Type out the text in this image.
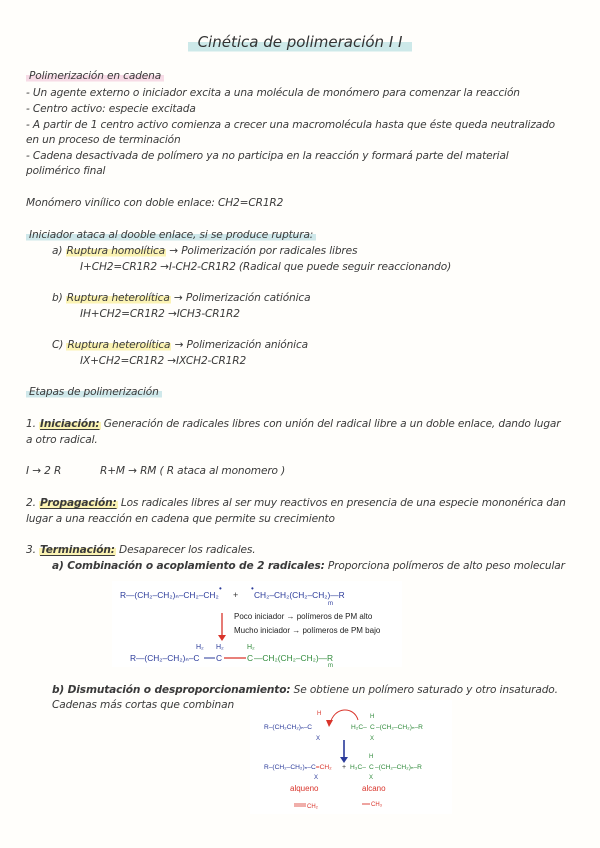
Cinética de polimeración I I
Polimerización en cadena
- Un agente externo o iniciador excita a una molécula de monómero para comenzar la reacción
- Centro activo: especie excitada
- A partir de 1 centro activo comienza a crecer una macromolécula hasta que éste queda neutralizado
en un proceso de terminación
- Cadena desactivada de polímero ya no participa en la reacción y formará parte del material
polimérico final
Monómero vinílico con doble enlace: CH2=CR1R2
Iniciador ataca al dooble enlace, si se produce ruptura:
a) Ruptura homolítica → Polimerización por radicales libres
I+CH2=CR1R2 →I-CH2-CR1R2 (Radical que puede seguir reaccionando)
b) Ruptura heterolítica → Polimerización catiónica
IH+CH2=CR1R2 →ICH3-CR1R2
C) Ruptura heterolítica → Polimerización aniónica
IX+CH2=CR1R2 →IXCH2-CR1R2
Etapas de polimerización
1. Iniciación: Generación de radicales libres con unión del radical libre a un doble enlace, dando lugar
a otro radical.
I → 2 R	R+M → RM ( R ataca al monomero )
2. Propagación: Los radicales libres al ser muy reactivos en presencia de una especie mononérica dan
lugar a una reacción en cadena que permite su crecimiento
3. Terminación: Desaparecer los radicales.
a) Combinación o acoplamiento de 2 radicales: Proporciona polímeros de alto peso molecular
R—(CH₂–CH₂)ₙ–CH₂–CH₂
•
+
•
CH₂–CH₂(CH₂–CH₂)—R
m
Poco iniciador → polímeros de PM alto
Mucho iniciador → polímeros de PM bajo
H₂ H₂	H₂
R—(CH₂–CH₂)ₙ–C C	C —CH₂(CH₂–CH₂)—R
m
b) Dismutación o desproporcionamiento: Se obtiene un polímero saturado y otro insaturado.
Cadenas más cortas que combinan
H
R–(CH₂CH₂)ₙ–C
X
H₂C–
H
C
X
–(CH₂–CH₂)ₙ–R
R–(CH₂–CH₂)ₙ–C=CH₂
X
+ H₃C–
H
C
X
–(CH₂–CH₂)ₙ–R
alqueno	alcano
CH₂	CH₃
